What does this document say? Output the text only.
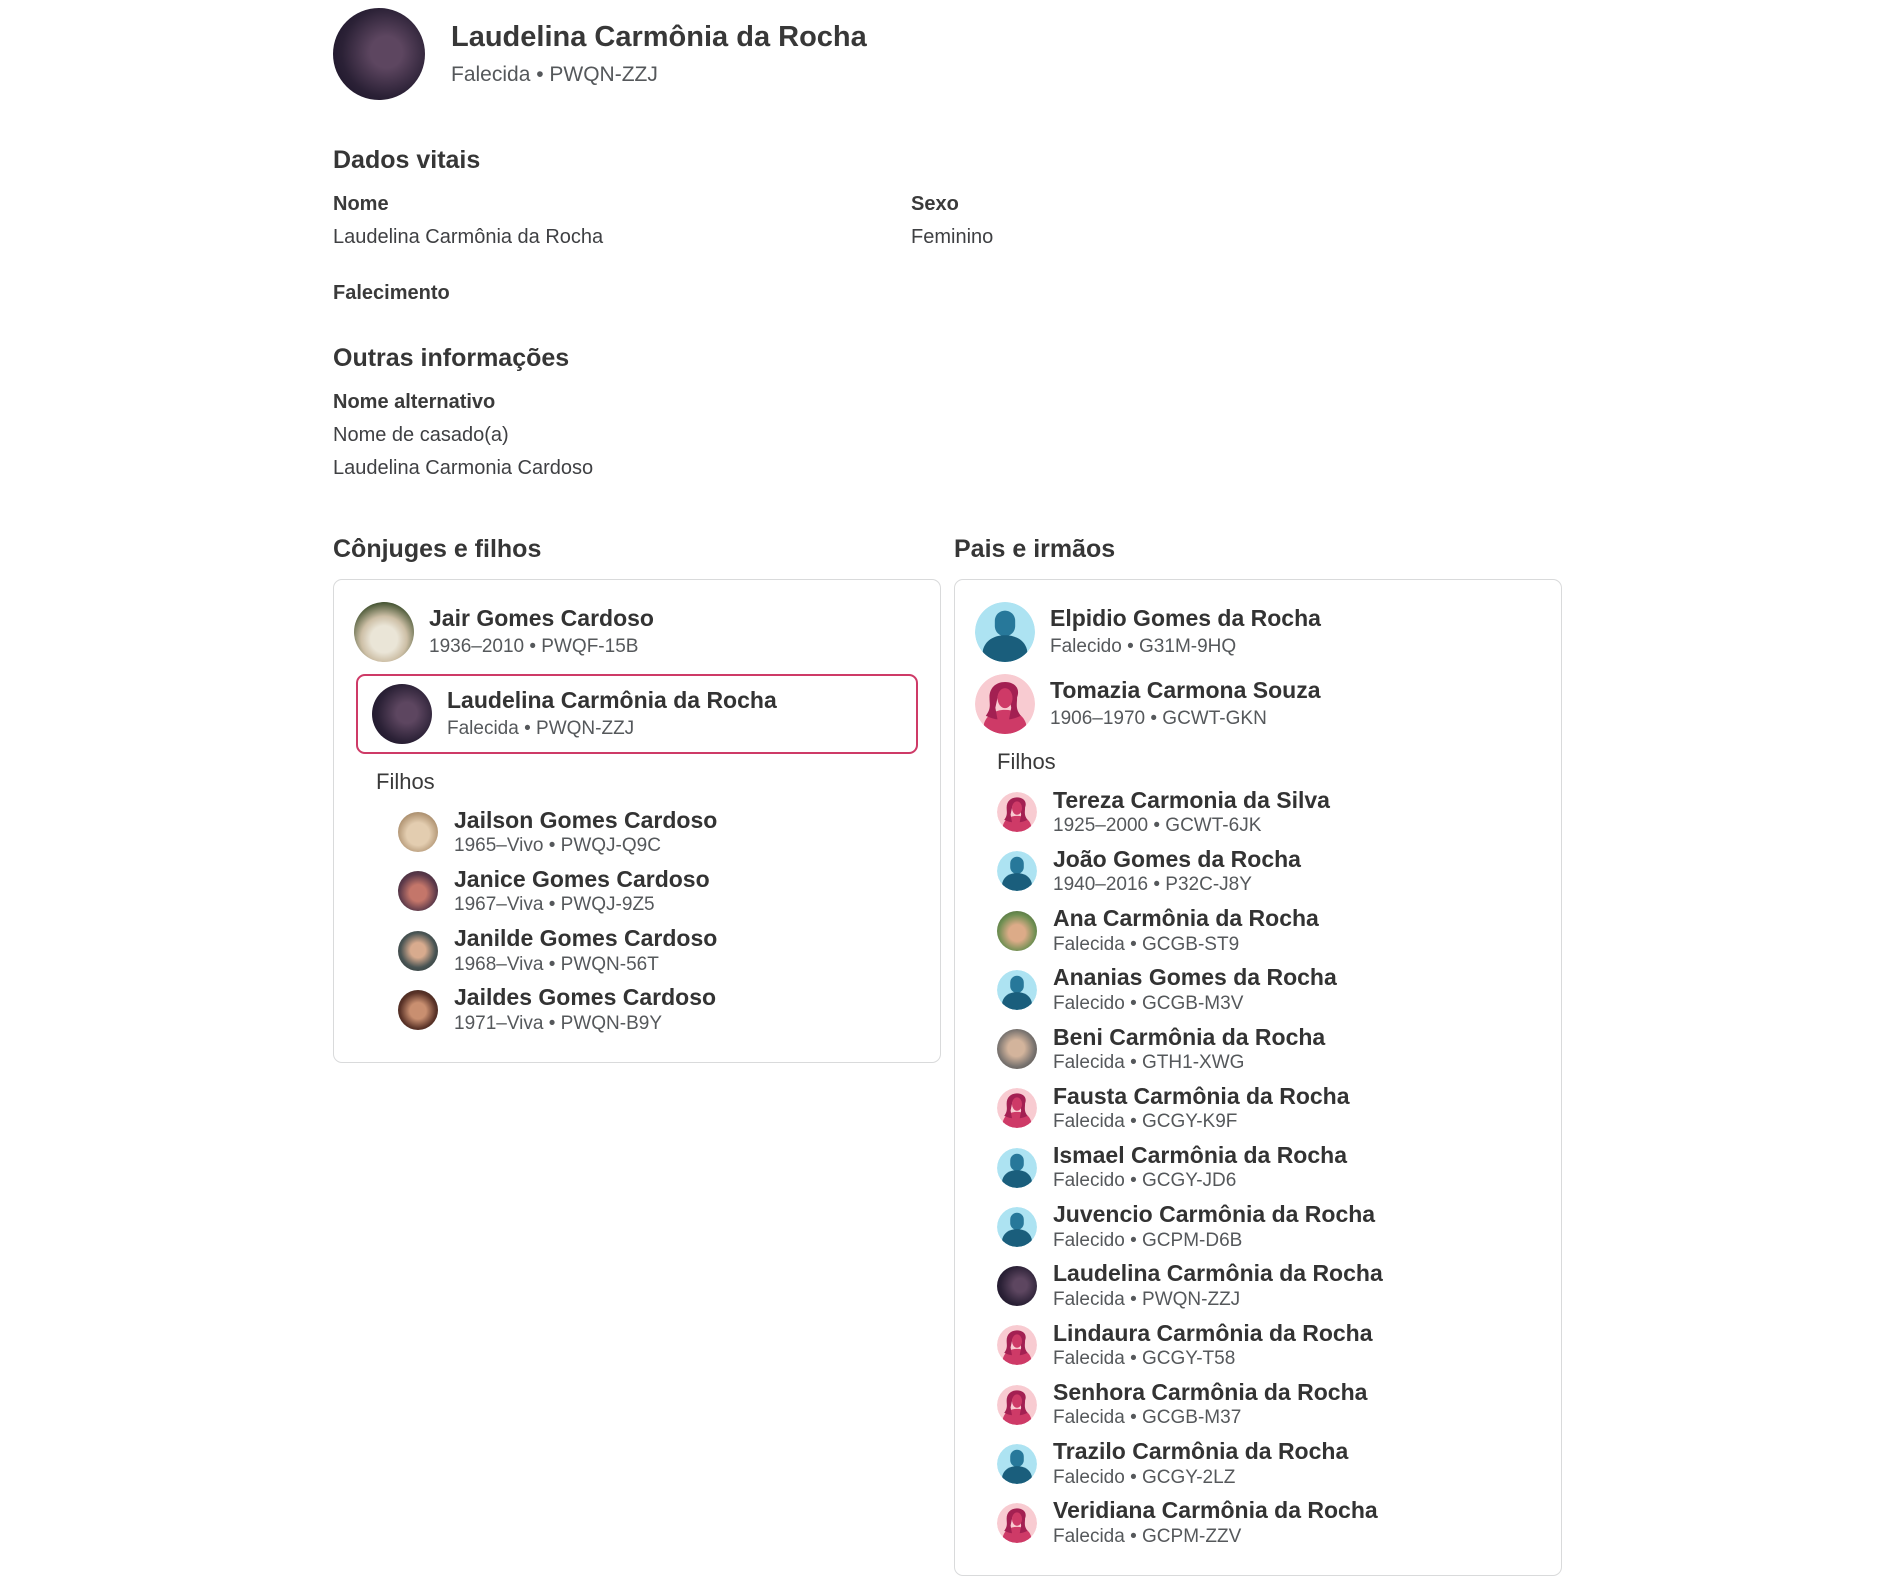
Laudelina Carmônia da Rocha
Falecida • PWQN-ZZJ
Dados vitais
Nome
Laudelina Carmônia da Rocha
Sexo
Feminino
Falecimento
Outras informações
Nome alternativo
Nome de casado(a)
Laudelina Carmonia Cardoso
Cônjuges e filhos
Jair Gomes Cardoso
1936–2010 • PWQF-15B
Laudelina Carmônia da Rocha
Falecida • PWQN-ZZJ
Filhos
Jailson Gomes Cardoso
1965–Vivo • PWQJ-Q9C
Janice Gomes Cardoso
1967–Viva • PWQJ-9Z5
Janilde Gomes Cardoso
1968–Viva • PWQN-56T
Jaildes Gomes Cardoso
1971–Viva • PWQN-B9Y
Pais e irmãos
Elpidio Gomes da Rocha
Falecido • G31M-9HQ
Tomazia Carmona Souza
1906–1970 • GCWT-GKN
Filhos
Tereza Carmonia da Silva
1925–2000 • GCWT-6JK
João Gomes da Rocha
1940–2016 • P32C-J8Y
Ana Carmônia da Rocha
Falecida • GCGB-ST9
Ananias Gomes da Rocha
Falecido • GCGB-M3V
Beni Carmônia da Rocha
Falecida • GTH1-XWG
Fausta Carmônia da Rocha
Falecida • GCGY-K9F
Ismael Carmônia da Rocha
Falecido • GCGY-JD6
Juvencio Carmônia da Rocha
Falecido • GCPM-D6B
Laudelina Carmônia da Rocha
Falecida • PWQN-ZZJ
Lindaura Carmônia da Rocha
Falecida • GCGY-T58
Senhora Carmônia da Rocha
Falecida • GCGB-M37
Trazilo Carmônia da Rocha
Falecido • GCGY-2LZ
Veridiana Carmônia da Rocha
Falecida • GCPM-ZZV
